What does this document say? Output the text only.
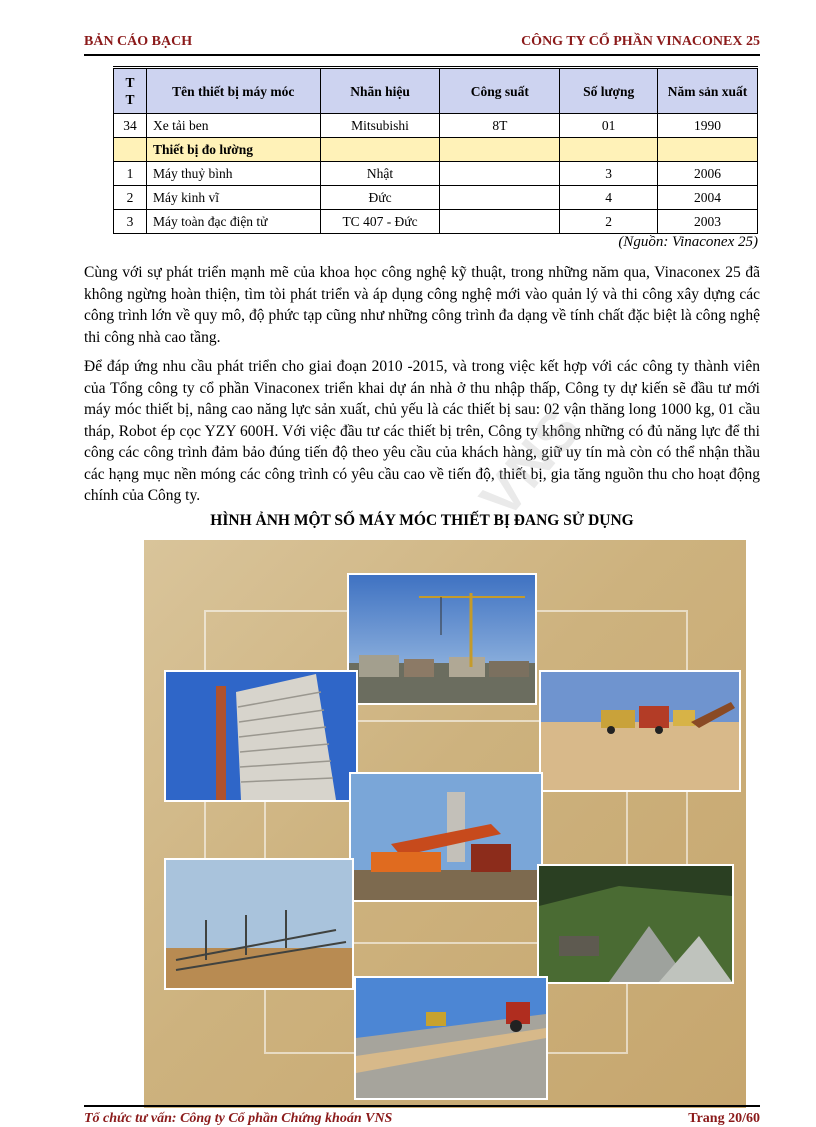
BẢN CÁO BẠCH	CÔNG TY CỔ PHẦN VINACONEX 25
T T	Tên thiết bị máy móc	Nhãn hiệu	Công suất	Số lượng	Năm sản xuất
34	Xe tải ben	Mitsubishi	8T	01	1990
	Thiết bị đo lường				
1	Máy thuỷ bình	Nhật		3	2006
2	Máy kinh vĩ	Đức		4	2004
3	Máy toàn đạc điện tử	TC 407 - Đức		2	2003
(Nguồn: Vinaconex 25)

Cùng với sự phát triển mạnh mẽ của khoa học công nghệ kỹ thuật, trong những năm qua, Vinaconex 25 đã không ngừng hoàn thiện, tìm tòi phát triển và áp dụng công nghệ mới vào quản lý và thi công xây dựng các công trình lớn về quy mô, độ phức tạp cũng như những công trình đa dạng về tính chất đặc biệt là công nghệ thi công nhà cao tầng.

Để đáp ứng nhu cầu phát triển cho giai đoạn 2010 -2015, và trong việc kết hợp với các công ty thành viên của Tổng công ty cổ phần Vinaconex triển khai dự án nhà ở thu nhập thấp, Công ty dự kiến sẽ đầu tư mới máy móc thiết bị, nâng cao năng lực sản xuất, chủ yếu là các thiết bị sau: 02 vận thăng long 1000 kg, 01 cầu tháp, Robot ép cọc YZY 600H. Với việc đầu tư các thiết bị trên, Công ty không những có đủ năng lực để thi công các công trình đảm bảo đúng tiến độ theo yêu cầu của khách hàng, giữ uy tín mà còn có thể nhận thầu các hạng mục nền móng các công trình có yêu cầu cao về tiến độ, thiết bị, gia tăng nguồn thu cho hoạt động chính của Công ty.	VNS
HÌNH ẢNH MỘT SỐ MÁY MÓC THIẾT BỊ ĐANG SỬ DỤNG
Tổ chức tư vấn: Công ty Cổ phần Chứng khoán VNS	Trang 20/60
